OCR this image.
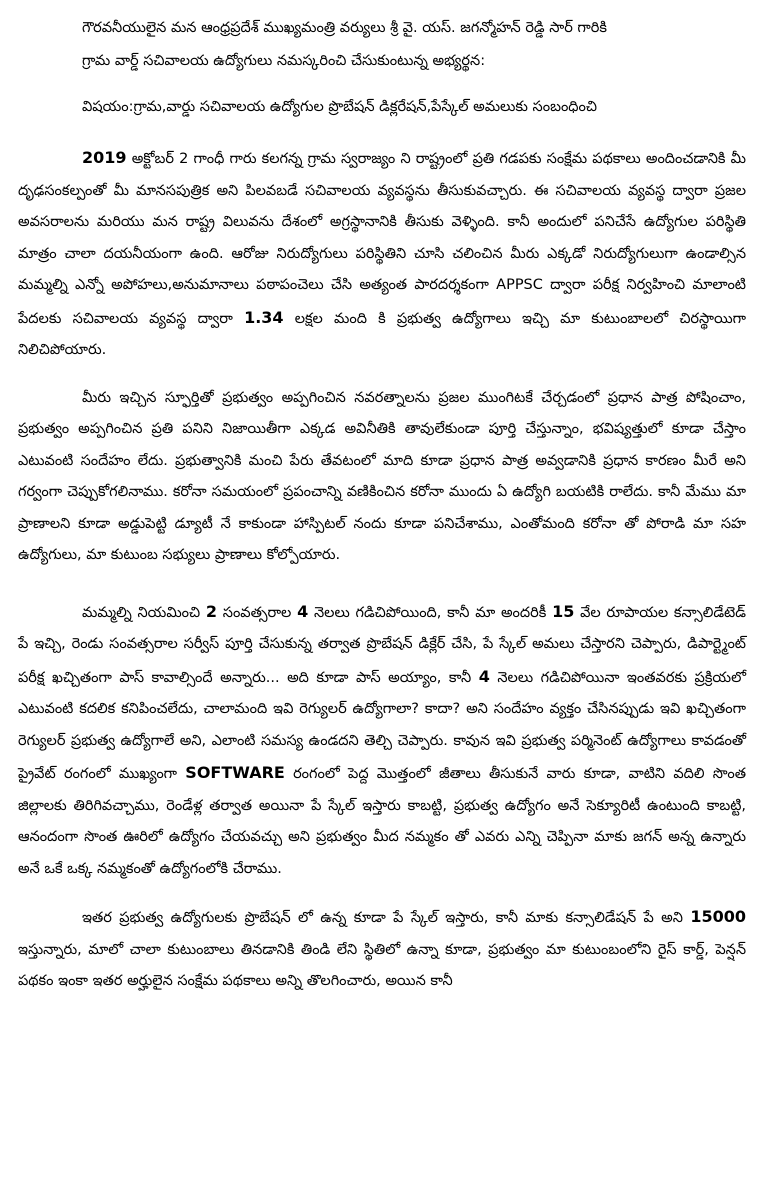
గౌరవనీయులైన మన ఆంధ్రప్రదేశ్ ముఖ్యమంత్రి వర్యులు శ్రీ వై. యస్. జగన్మోహన్ రెడ్డి సార్ గారికి
గ్రామ వార్డ్ సచివాలయ ఉద్యోగులు నమస్కరించి చేసుకుంటున్న అభ్యర్థన:
విషయం:గ్రామ,వార్డు సచివాలయ ఉద్యోగుల ప్రొబేషన్ డిక్లరేషన్,పేస్కేల్ అమలుకు సంబంధించి

2019 అక్టోబర్ 2 గాంధీ గారు కలగన్న గ్రామ స్వరాజ్యం ని రాష్ట్రంలో ప్రతి గడపకు సంక్షేమ పథకాలు అందించడానికి మీ దృఢసంకల్పంతో మీ మానసపుత్రిక అని పిలవబడే సచివాలయ వ్యవస్థను తీసుకువచ్చారు. ఈ సచివాలయ వ్యవస్థ ద్వారా ప్రజల అవసరాలను మరియు మన రాష్ట్ర విలువను దేశంలో అగ్రస్థానానికి తీసుకు వెళ్ళింది. కానీ అందులో పనిచేసే ఉద్యోగుల పరిస్థితి మాత్రం చాలా దయనీయంగా ఉంది. ఆరోజు నిరుద్యోగులు పరిస్థితిని చూసి చలించిన మీరు ఎక్కడో నిరుద్యోగులుగా ఉండాల్సిన మమ్మల్ని ఎన్నో అపోహలు,అనుమానాలు పఠాపంచెలు చేసి అత్యంత పారదర్శకంగా APPSC ద్వారా పరీక్ష నిర్వహించి మాలాంటి పేదలకు సచివాలయ వ్యవస్థ ద్వారా 1.34 లక్షల మంది కి ప్రభుత్వ ఉద్యోగాలు ఇచ్చి మా కుటుంబాలలో చిరస్థాయిగా నిలిచిపోయారు.

మీరు ఇచ్చిన స్ఫూర్తితో ప్రభుత్వం అప్పగించిన నవరత్నాలను ప్రజల ముంగిటకే చేర్చడంలో ప్రధాన పాత్ర పోషించాం, ప్రభుత్వం అప్పగించిన ప్రతి పనిని నిజాయితీగా ఎక్కడ అవినీతికి తావులేకుండా పూర్తి చేస్తున్నాం, భవిష్యత్తులో కూడా చేస్తాం ఎటువంటి సందేహం లేదు. ప్రభుత్వానికి మంచి పేరు తేవటంలో మాది కూడా ప్రధాన పాత్ర అవ్వడానికి ప్రధాన కారణం మీరే అని గర్వంగా చెప్పుకోగలినాము. కరోనా సమయంలో ప్రపంచాన్ని వణికించిన కరోనా ముందు ఏ ఉద్యోగి బయటికి రాలేదు. కానీ మేము మా ప్రాణాలని కూడా అడ్డుపెట్టి డ్యూటీ నే కాకుండా హాస్పిటల్ నందు కూడా పనిచేశాము, ఎంతోమంది కరోనా తో పోరాడి మా సహ ఉద్యోగులు, మా కుటుంబ సభ్యులు ప్రాణాలు కోల్పోయారు.

మమ్మల్ని నియమించి 2 సంవత్సరాల 4 నెలలు గడిచిపోయింది, కానీ మా అందరికీ 15 వేల రూపాయల కన్సాలిడేటెడ్ పే ఇచ్చి, రెండు సంవత్సరాల సర్వీస్ పూర్తి చేసుకున్న తర్వాత ప్రొబేషన్ డిక్లేర్ చేసి, పే స్కేల్ అమలు చేస్తారని చెప్పారు, డిపార్ట్మెంట్ పరీక్ష ఖచ్చితంగా పాస్ కావాల్సిందే అన్నారు... అది కూడా పాస్ అయ్యాం, కానీ 4 నెలలు గడిచిపోయినా ఇంతవరకు ప్రక్రియలో ఎటువంటి కదలిక కనిపించలేదు, చాలామంది ఇవి రెగ్యులర్ ఉద్యోగాలా? కాదా? అని సందేహం వ్యక్తం చేసినప్పుడు ఇవి ఖచ్చితంగా రెగ్యులర్ ప్రభుత్వ ఉద్యోగాలే అని, ఎలాంటి సమస్య ఉండదని తెల్చి చెప్పారు. కావున ఇవి ప్రభుత్వ పర్మినెంట్ ఉద్యోగాలు కావడంతో ప్రైవేట్ రంగంలో ముఖ్యంగా SOFTWARE రంగంలో పెద్ద మొత్తంలో జీతాలు తీసుకునే వారు కూడా, వాటిని వదిలి సొంత జిల్లాలకు తిరిగివచ్చాము, రెండేళ్ల తర్వాత అయినా పే స్కేల్ ఇస్తారు కాబట్టి, ప్రభుత్వ ఉద్యోగం అనే సెక్యూరిటీ ఉంటుంది కాబట్టి, ఆనందంగా సొంత ఊరిలో ఉద్యోగం చేయవచ్చు అని ప్రభుత్వం మీద నమ్మకం తో ఎవరు ఎన్ని చెప్పినా మాకు జగన్ అన్న ఉన్నారు అనే ఒకే ఒక్క నమ్మకంతో ఉద్యోగంలోకి చేరాము.

ఇతర ప్రభుత్వ ఉద్యోగులకు ప్రొబేషన్ లో ఉన్న కూడా పే స్కేల్ ఇస్తారు, కానీ మాకు కన్సాలిడేషన్ పే అని 15000 ఇస్తున్నారు, మాలో చాలా కుటుంబాలు తినడానికి తిండి లేని స్థితిలో ఉన్నా కూడా, ప్రభుత్వం మా కుటుంబంలోని రైస్ కార్డ్, పెన్షన్ పథకం ఇంకా ఇతర అర్హులైన సంక్షేమ పథకాలు అన్ని తొలగించారు, అయిన కానీ
